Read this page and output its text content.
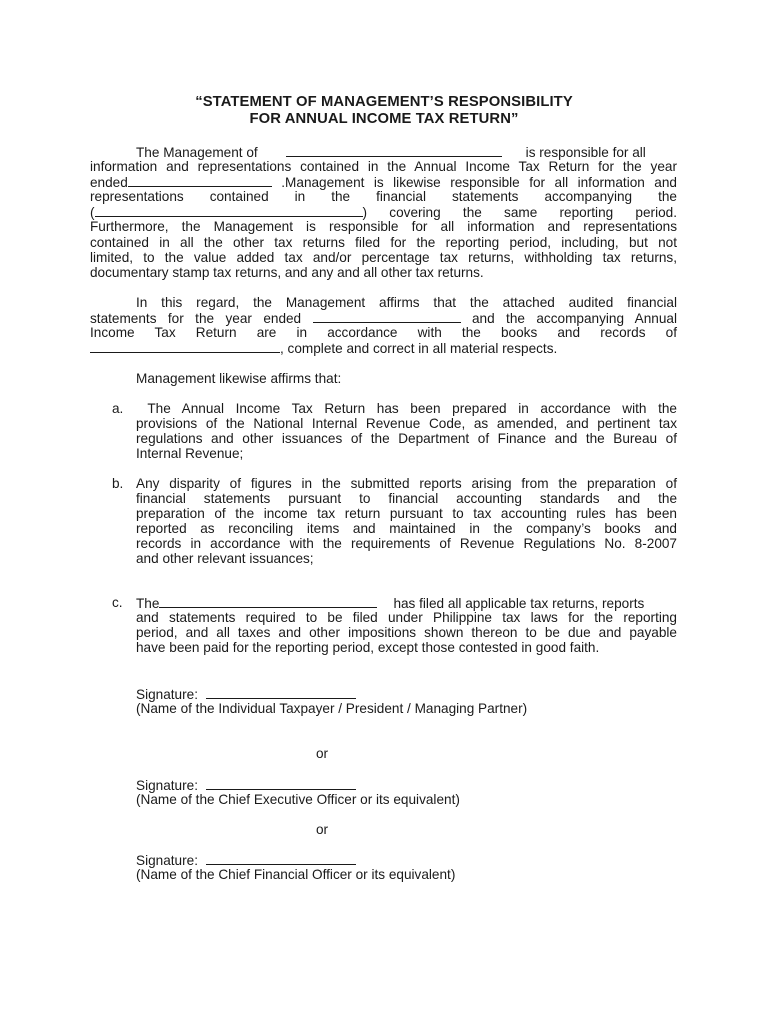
“STATEMENT OF MANAGEMENT’S RESPONSIBILITY
FOR ANNUAL INCOME TAX RETURN”
The Management of	is responsible for all
information and representations contained in the Annual Income Tax Return for the year
ended	.Management is likewise responsible for all information and
representations contained in the financial statements accompanying the
(	) covering the same reporting period.
Furthermore, the Management is responsible for all information and representations
contained in all the other tax returns filed for the reporting period, including, but not
limited, to the value added tax and/or percentage tax returns, withholding tax returns,
documentary stamp tax returns, and any and all other tax returns.
In this regard, the Management affirms that the attached audited financial
statements for the year ended	and the accompanying Annual
Income Tax Return are in accordance with the books and records of
, complete and correct in all material respects.
Management likewise affirms that:
a. The Annual Income Tax Return has been prepared in accordance with the
provisions of the National Internal Revenue Code, as amended, and pertinent tax
regulations and other issuances of the Department of Finance and the Bureau of
Internal Revenue;
b. Any disparity of figures in the submitted reports arising from the preparation of
financial statements pursuant to financial accounting standards and the
preparation of the income tax return pursuant to tax accounting rules has been
reported as reconciling items and maintained in the company’s books and
records in accordance with the requirements of Revenue Regulations No. 8-2007
and other relevant issuances;
c. The	has filed all applicable tax returns, reports
and statements required to be filed under Philippine tax laws for the reporting
period, and all taxes and other impositions shown thereon to be due and payable
have been paid for the reporting period, except those contested in good faith.
Signature:
(Name of the Individual Taxpayer / President / Managing Partner)
or
Signature:
(Name of the Chief Executive Officer or its equivalent)
or
Signature:
(Name of the Chief Financial Officer or its equivalent)
